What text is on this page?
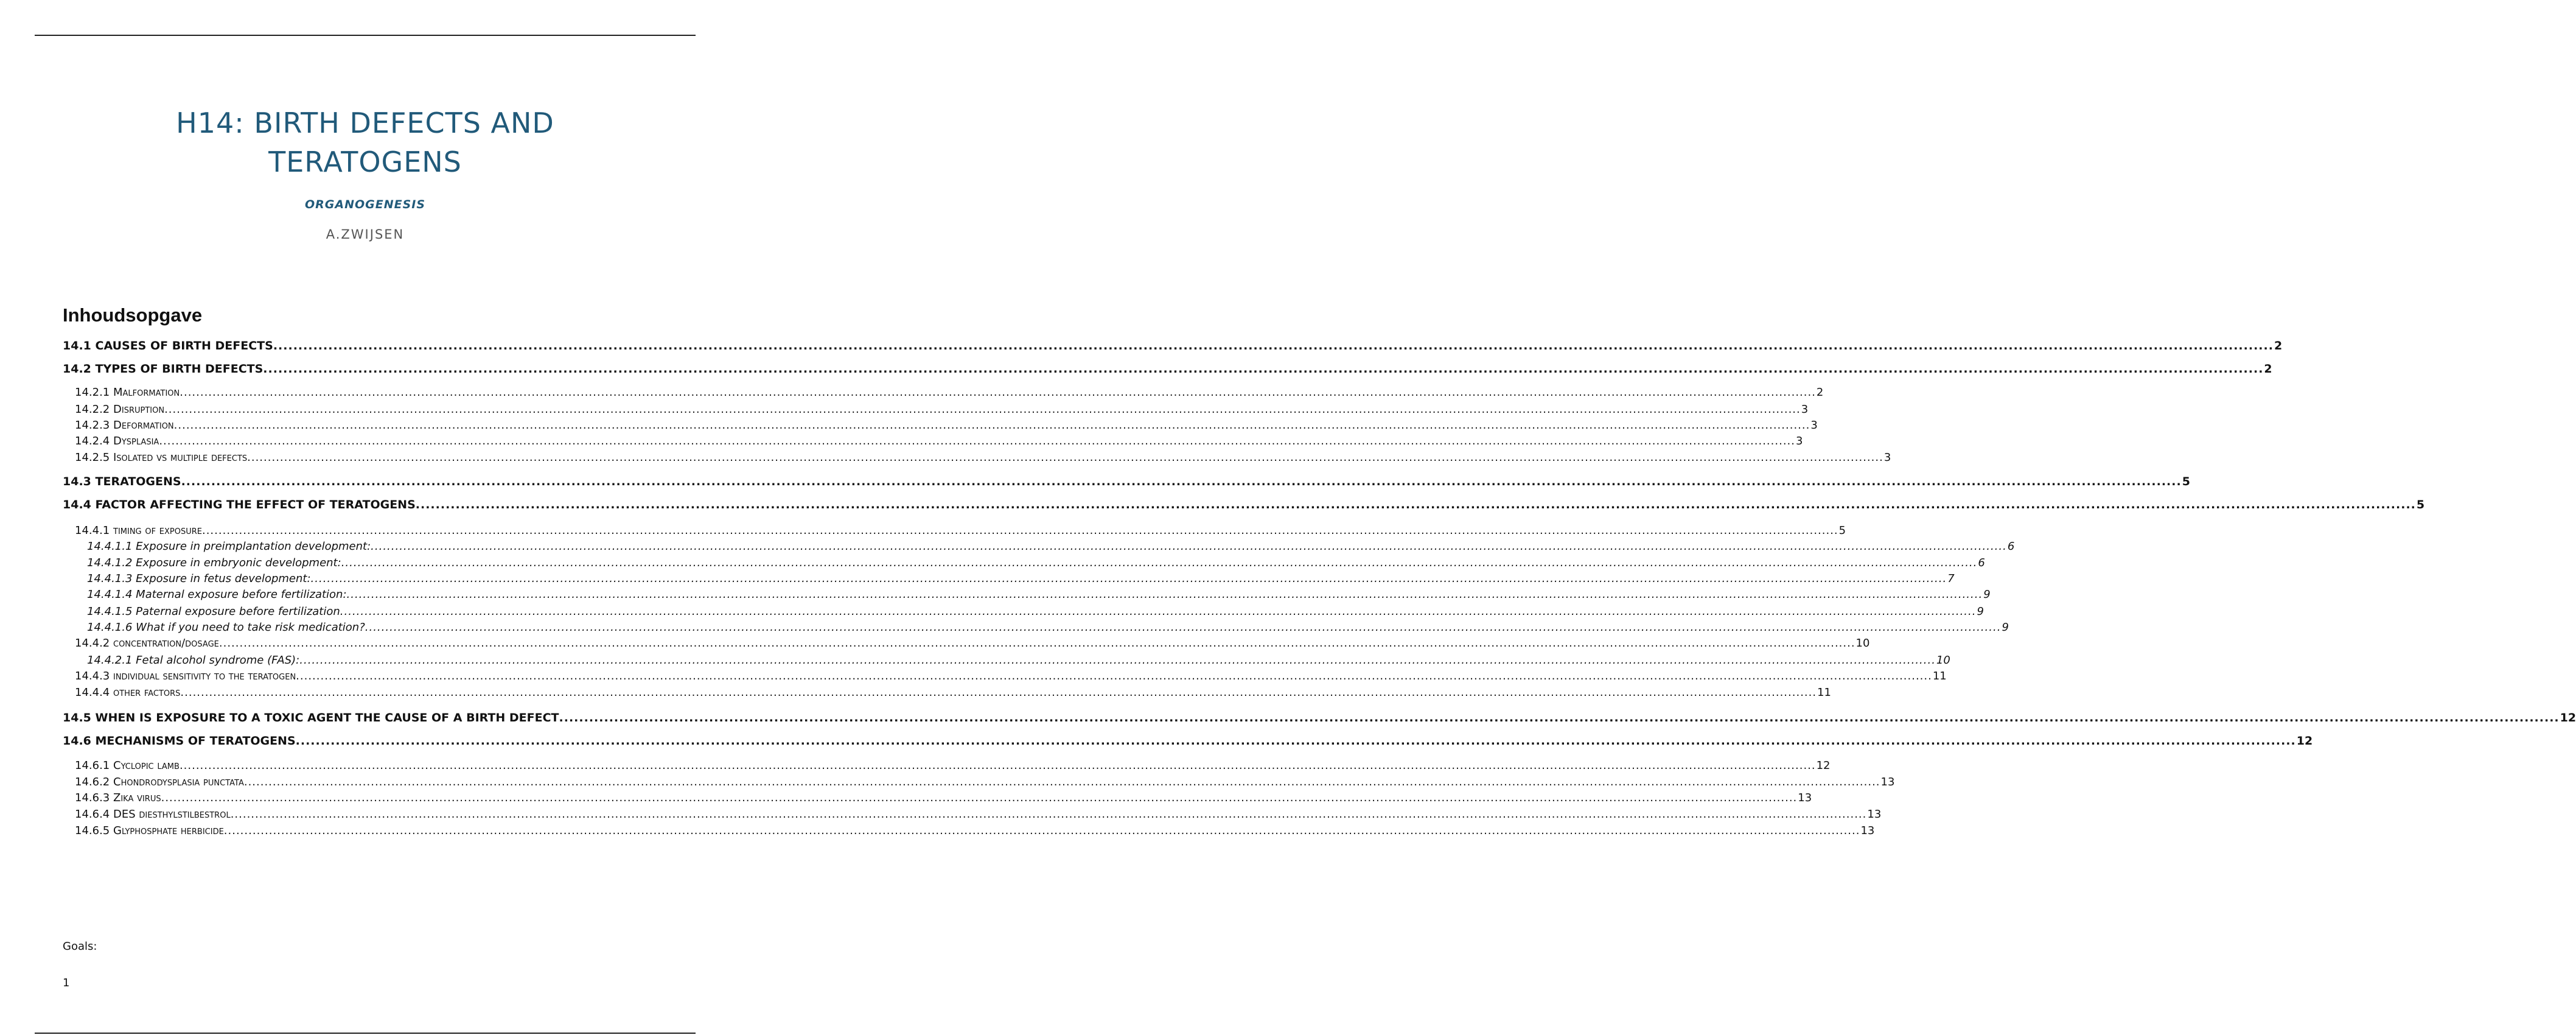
H14: BIRTH DEFECTS AND
TERATOGENS
ORGANOGENESIS
A.ZWIJSEN
Inhoudsopgave
14.1 CAUSES OF BIRTH DEFECTS ................................................................................................................................................................................................................................................................................................................................................................................................................ 2
14.2 TYPES OF BIRTH DEFECTS ................................................................................................................................................................................................................................................................................................................................................................................................................ 2
14.2.1 Malformation ................................................................................................................................................................................................................................................................................................................................................................................................................ 2
14.2.2 Disruption ................................................................................................................................................................................................................................................................................................................................................................................................................ 3
14.2.3 Deformation ................................................................................................................................................................................................................................................................................................................................................................................................................ 3
14.2.4 Dysplasia ................................................................................................................................................................................................................................................................................................................................................................................................................ 3
14.2.5 Isolated vs multiple defects ................................................................................................................................................................................................................................................................................................................................................................................................................ 3
14.3 TERATOGENS ................................................................................................................................................................................................................................................................................................................................................................................................................ 5
14.4 FACTOR AFFECTING THE EFFECT OF TERATOGENS ................................................................................................................................................................................................................................................................................................................................................................................................................ 5
14.4.1 timing of exposure ................................................................................................................................................................................................................................................................................................................................................................................................................ 5
14.4.1.1 Exposure in preimplantation development: ................................................................................................................................................................................................................................................................................................................................................................................................................ 6
14.4.1.2 Exposure in embryonic development: ................................................................................................................................................................................................................................................................................................................................................................................................................ 6
14.4.1.3 Exposure in fetus development: ................................................................................................................................................................................................................................................................................................................................................................................................................ 7
14.4.1.4 Maternal exposure before fertilization: ................................................................................................................................................................................................................................................................................................................................................................................................................ 9
14.4.1.5 Paternal exposure before fertilization ................................................................................................................................................................................................................................................................................................................................................................................................................ 9
14.4.1.6 What if you need to take risk medication? ................................................................................................................................................................................................................................................................................................................................................................................................................ 9
14.4.2 concentration/dosage ................................................................................................................................................................................................................................................................................................................................................................................................................ 10
14.4.2.1 Fetal alcohol syndrome (FAS): ................................................................................................................................................................................................................................................................................................................................................................................................................ 10
14.4.3 individual sensitivity to the teratogen ................................................................................................................................................................................................................................................................................................................................................................................................................ 11
14.4.4 other factors ................................................................................................................................................................................................................................................................................................................................................................................................................ 11
14.5 WHEN IS EXPOSURE TO A TOXIC AGENT THE CAUSE OF A BIRTH DEFECT ................................................................................................................................................................................................................................................................................................................................................................................................................ 12
14.6 MECHANISMS OF TERATOGENS ................................................................................................................................................................................................................................................................................................................................................................................................................ 12
14.6.1 Cyclopic lamb ................................................................................................................................................................................................................................................................................................................................................................................................................ 12
14.6.2 Chondrodysplasia punctata ................................................................................................................................................................................................................................................................................................................................................................................................................ 13
14.6.3 Zika virus ................................................................................................................................................................................................................................................................................................................................................................................................................ 13
14.6.4 DES diesthylstilbestrol ................................................................................................................................................................................................................................................................................................................................................................................................................ 13
14.6.5 Glyphosphate herbicide ................................................................................................................................................................................................................................................................................................................................................................................................................ 13
Goals:
1
